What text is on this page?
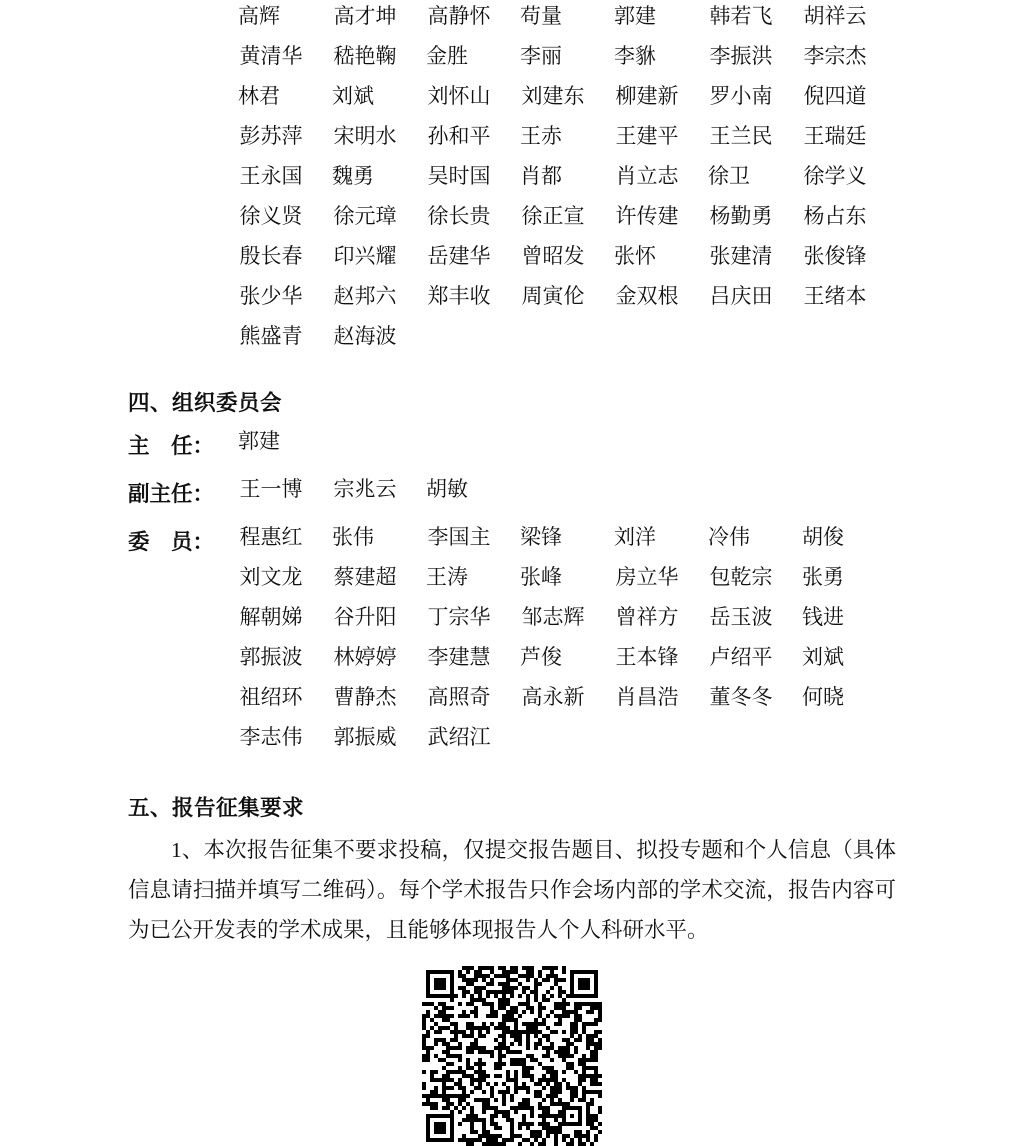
高辉	高才坤	高静怀	苟量	郭建	韩若飞	胡祥云
黄清华	嵇艳鞠	金胜	李丽	李貅	李振洪	李宗杰
林君	刘斌	刘怀山	刘建东	柳建新	罗小南	倪四道
彭苏萍	宋明水	孙和平	王赤	王建平	王兰民	王瑞廷
王永国	魏勇	吴时国	肖都	肖立志	徐卫	徐学义
徐义贤	徐元璋	徐长贵	徐正宣	许传建	杨勤勇	杨占东
殷长春	印兴耀	岳建华	曾昭发	张怀	张建清	张俊锋
张少华	赵邦六	郑丰收	周寅伦	金双根	吕庆田	王绪本
熊盛青	赵海波
四、组织委员会
主　任：	郭建
副主任：	王一博	宗兆云	胡敏
委　员：	程惠红	张伟	李国主	梁锋	刘洋	冷伟	胡俊
刘文龙	蔡建超	王涛	张峰	房立华	包乾宗	张勇
解朝娣	谷升阳	丁宗华	邹志辉	曾祥方	岳玉波	钱进
郭振波	林婷婷	李建慧	芦俊	王本锋	卢绍平	刘斌
祖绍环	曹静杰	高照奇	高永新	肖昌浩	董冬冬	何晓
李志伟	郭振威	武绍江
五、报告征集要求

1、本次报告征集不要求投稿，仅提交报告题目、拟投专题和个人信息（具体信息请扫描并填写二维码）。每个学术报告只作会场内部的学术交流，报告内容可为已公开发表的学术成果，且能够体现报告人个人科研水平。
